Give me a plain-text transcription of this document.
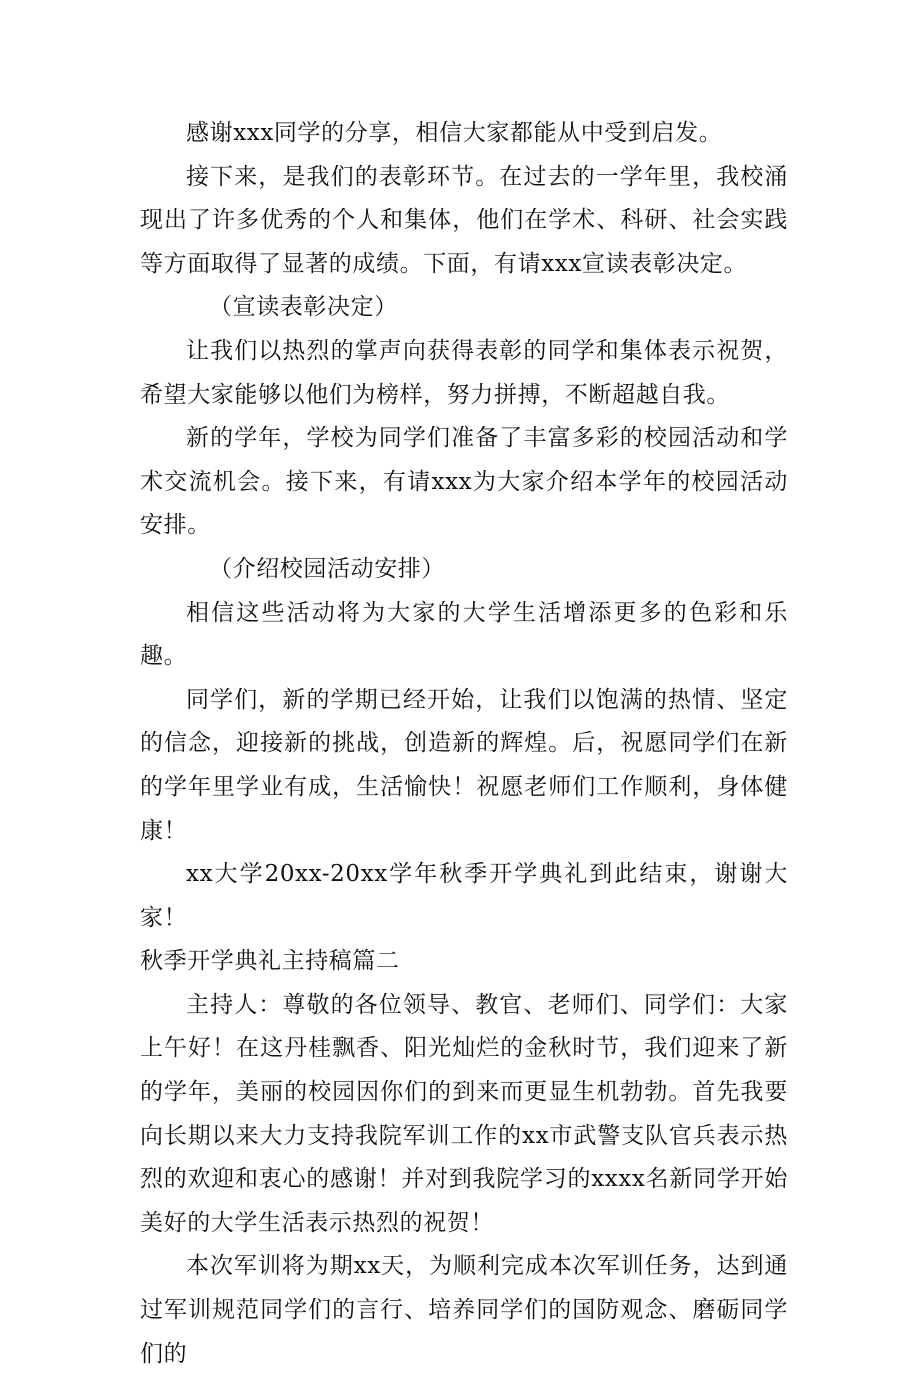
感谢xxx同学的分享，相信大家都能从中受到启发。

接下来，是我们的表彰环节。在过去的一学年里，我校涌现出了许多优秀的个人和集体，他们在学术、科研、社会实践等方面取得了显著的成绩。下面，有请xxx宣读表彰决定。

（宣读表彰决定）

让我们以热烈的掌声向获得表彰的同学和集体表示祝贺，希望大家能够以他们为榜样，努力拼搏，不断超越自我。

新的学年，学校为同学们准备了丰富多彩的校园活动和学术交流机会。接下来，有请xxx为大家介绍本学年的校园活动安排。

（介绍校园活动安排）

相信这些活动将为大家的大学生活增添更多的色彩和乐趣。

同学们，新的学期已经开始，让我们以饱满的热情、坚定的信念，迎接新的挑战，创造新的辉煌。后，祝愿同学们在新的学年里学业有成，生活愉快！祝愿老师们工作顺利，身体健康！

xx大学20xx-20xx学年秋季开学典礼到此结束，谢谢大家！

秋季开学典礼主持稿篇二

主持人：尊敬的各位领导、教官、老师们、同学们：大家上午好！在这丹桂飘香、阳光灿烂的金秋时节，我们迎来了新的学年，美丽的校园因你们的到来而更显生机勃勃。首先我要向长期以来大力支持我院军训工作的xx市武警支队官兵表示热烈的欢迎和衷心的感谢！并对到我院学习的xxxx名新同学开始美好的大学生活表示热烈的祝贺！

本次军训将为期xx天，为顺利完成本次军训任务，达到通过军训规范同学们的言行、培养同学们的国防观念、磨砺同学们的
